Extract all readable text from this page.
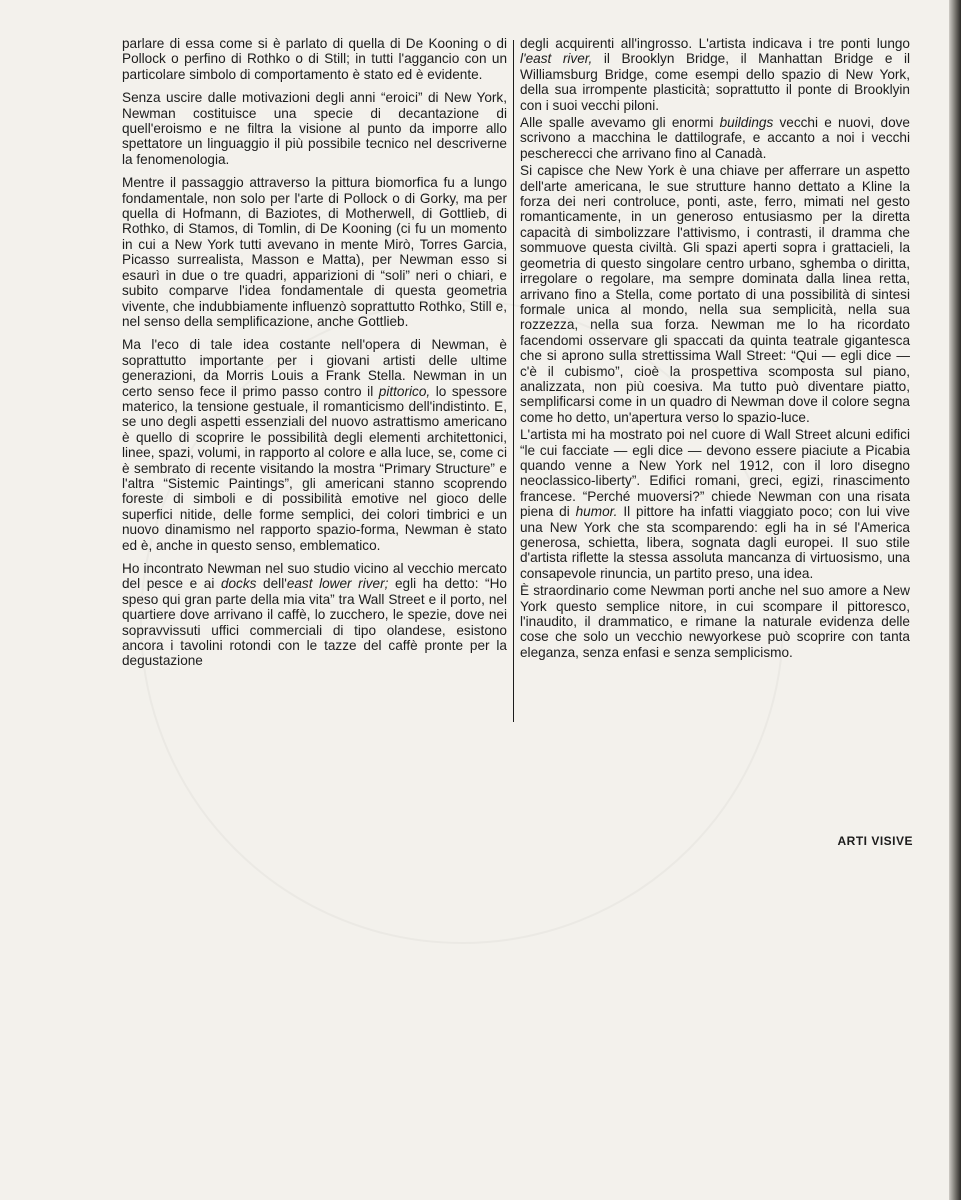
parlare di essa come si è parlato di quella di De Kooning o di Pollock o perfino di Rothko o di Still; in tutti l'aggancio con un particolare simbolo di comportamento è stato ed è evidente.

Senza uscire dalle motivazioni degli anni “eroici” di New York, Newman costituisce una specie di decantazione di quell'eroismo e ne filtra la visione al punto da imporre allo spettatore un linguaggio il più possibile tecnico nel descriverne la fenomenologia.

Mentre il passaggio attraverso la pittura biomorfica fu a lungo fondamentale, non solo per l'arte di Pollock o di Gorky, ma per quella di Hofmann, di Baziotes, di Motherwell, di Gottlieb, di Rothko, di Stamos, di Tomlin, di De Kooning (ci fu un momento in cui a New York tutti avevano in mente Mirò, Torres Garcia, Picasso surrealista, Masson e Matta), per Newman esso si esaurì in due o tre quadri, apparizioni di “soli” neri o chiari, e subito comparve l'idea fondamentale di questa geometria vivente, che indubbiamente influenzò soprattutto Rothko, Still e, nel senso della semplificazione, anche Gottlieb.

Ma l'eco di tale idea costante nell'opera di Newman, è soprattutto importante per i giovani artisti delle ultime generazioni, da Morris Louis a Frank Stella. Newman in un certo senso fece il primo passo contro il pittorico, lo spessore materico, la tensione gestuale, il romanticismo dell'indistinto. E, se uno degli aspetti essenziali del nuovo astrattismo americano è quello di scoprire le possibilità degli elementi architettonici, linee, spazi, volumi, in rapporto al colore e alla luce, se, come ci è sembrato di recente visitando la mostra “Primary Structure” e l'altra “Sistemic Paintings”, gli americani stanno scoprendo foreste di simboli e di possibilità emotive nel gioco delle superfici nitide, delle forme semplici, dei colori timbrici e un nuovo dinamismo nel rapporto spazio-forma, Newman è stato ed è, anche in questo senso, emblematico.

Ho incontrato Newman nel suo studio vicino al vecchio mercato del pesce e ai docks dell'east lower river; egli ha detto: “Ho speso qui gran parte della mia vita” tra Wall Street e il porto, nel quartiere dove arrivano il caffè, lo zucchero, le spezie, dove nei sopravvissuti uffici commerciali di tipo olandese, esistono ancora i tavolini rotondi con le tazze del caffè pronte per la degustazione

degli acquirenti all'ingrosso. L'artista indicava i tre ponti lungo l'east river, il Brooklyn Bridge, il Manhattan Bridge e il Williamsburg Bridge, come esempi dello spazio di New York, della sua irrompente plasticità; soprattutto il ponte di Brooklyin con i suoi vecchi piloni.

Alle spalle avevamo gli enormi buildings vecchi e nuovi, dove scrivono a macchina le dattilografe, e accanto a noi i vecchi pescherecci che arrivano fino al Canadà.

Si capisce che New York è una chiave per afferrare un aspetto dell'arte americana, le sue strutture hanno dettato a Kline la forza dei neri controluce, ponti, aste, ferro, mimati nel gesto romanticamente, in un generoso entusiasmo per la diretta capacità di simbolizzare l'attivismo, i contrasti, il dramma che sommuove questa civiltà. Gli spazi aperti sopra i grattacieli, la geometria di questo singolare centro urbano, sghemba o diritta, irregolare o regolare, ma sempre dominata dalla linea retta, arrivano fino a Stella, come portato di una possibilità di sintesi formale unica al mondo, nella sua semplicità, nella sua rozzezza, nella sua forza. Newman me lo ha ricordato facendomi osservare gli spaccati da quinta teatrale gigantesca che si aprono sulla strettissima Wall Street: “Qui — egli dice — c'è il cubismo”, cioè la prospettiva scomposta sul piano, analizzata, non più coesiva. Ma tutto può diventare piatto, semplificarsi come in un quadro di Newman dove il colore segna come ho detto, un'apertura verso lo spazio-luce.

L'artista mi ha mostrato poi nel cuore di Wall Street alcuni edifici “le cui facciate — egli dice — devono essere piaciute a Picabia quando venne a New York nel 1912, con il loro disegno neoclassico-liberty”. Edifici romani, greci, egizi, rinascimento francese. “Perché muoversi?” chiede Newman con una risata piena di humor. Il pittore ha infatti viaggiato poco; con lui vive una New York che sta scomparendo: egli ha in sé l'America generosa, schietta, libera, sognata dagli europei. Il suo stile d'artista riflette la stessa assoluta mancanza di virtuosismo, una consapevole rinuncia, un partito preso, una idea.

È straordinario come Newman porti anche nel suo amore a New York questo semplice nitore, in cui scompare il pittoresco, l'inaudito, il drammatico, e rimane la naturale evidenza delle cose che solo un vecchio newyorkese può scoprire con tanta eleganza, senza enfasi e senza semplicismo.

ARTI VISIVE
